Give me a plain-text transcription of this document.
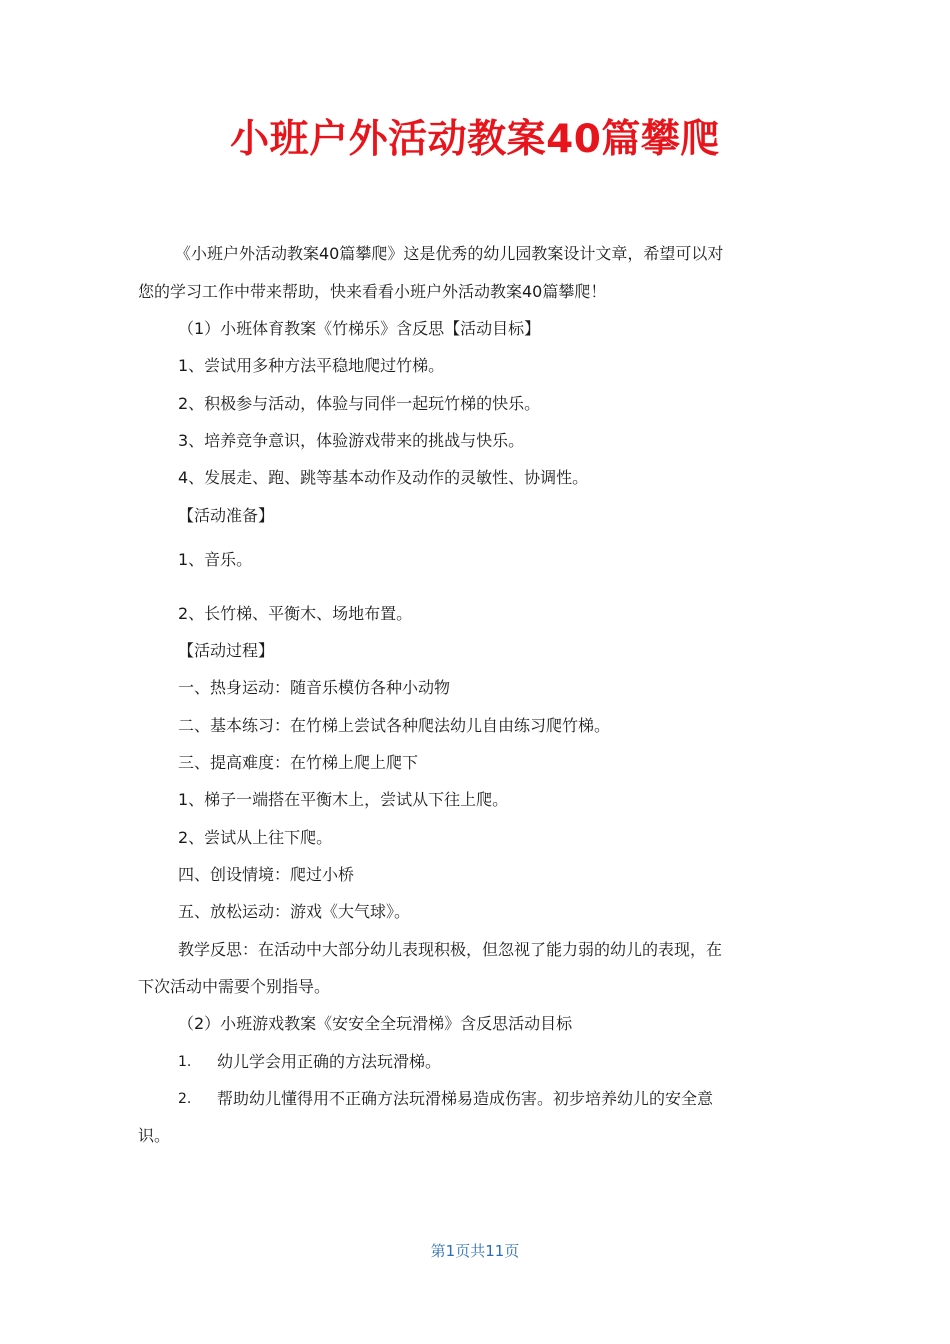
小班户外活动教案40篇攀爬
《小班户外活动教案40篇攀爬》这是优秀的幼儿园教案设计文章，希望可以对
您的学习工作中带来帮助，快来看看小班户外活动教案40篇攀爬！
（1）小班体育教案《竹梯乐》含反思【活动目标】
1、尝试用多种方法平稳地爬过竹梯。
2、积极参与活动，体验与同伴一起玩竹梯的快乐。
3、培养竞争意识，体验游戏带来的挑战与快乐。
4、发展走、跑、跳等基本动作及动作的灵敏性、协调性。
【活动准备】
1、音乐。
2、长竹梯、平衡木、场地布置。
【活动过程】
一、热身运动：随音乐模仿各种小动物
二、基本练习：在竹梯上尝试各种爬法幼儿自由练习爬竹梯。
三、提高难度：在竹梯上爬上爬下
1、梯子一端搭在平衡木上，尝试从下往上爬。
2、尝试从上往下爬。
四、创设情境：爬过小桥
五、放松运动：游戏《大气球》。
教学反思：在活动中大部分幼儿表现积极，但忽视了能力弱的幼儿的表现，在
下次活动中需要个别指导。
（2）小班游戏教案《安安全全玩滑梯》含反思活动目标
1. 幼儿学会用正确的方法玩滑梯。
2. 帮助幼儿懂得用不正确方法玩滑梯易造成伤害。初步培养幼儿的安全意
识。
第1页共11页
